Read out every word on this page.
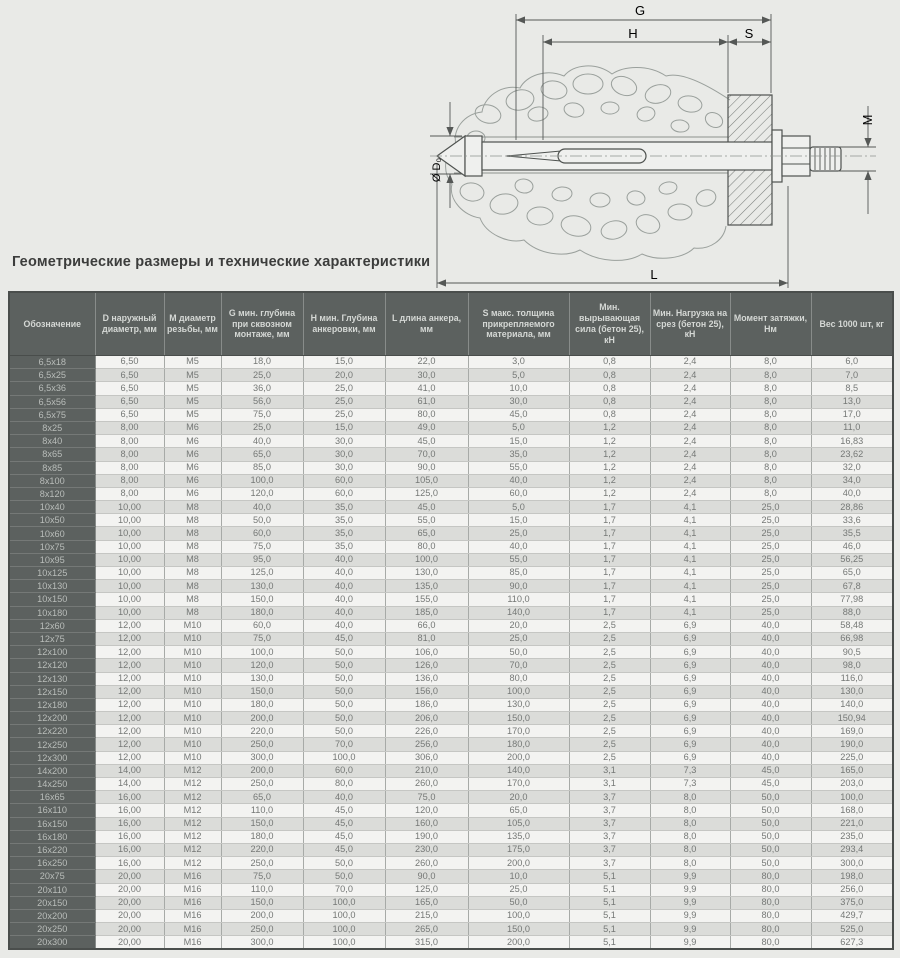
G
H	S
M
Ø D₀
L
Геометрические размеры и технические характеристики
Обозначение	D наружный диаметр, мм	М диаметр резьбы, мм	G мин. глубина при сквозном монтаже, мм	Н мин. Глубина анкеровки, мм	L длина анкера, мм	S макс. толщина прикрепляемого материала, мм	Мин. вырывающая сила (бетон 25), кН	Мин. Нагрузка на срез (бетон 25), кН	Момент затяжки, Нм	Вес 1000 шт, кг
6,5x18	6,50	M5	18,0	15,0	22,0	3,0	0,8	2,4	8,0	6,0
6,5x25	6,50	M5	25,0	20,0	30,0	5,0	0,8	2,4	8,0	7,0
6,5x36	6,50	M5	36,0	25,0	41,0	10,0	0,8	2,4	8,0	8,5
6,5x56	6,50	M5	56,0	25,0	61,0	30,0	0,8	2,4	8,0	13,0
6,5x75	6,50	M5	75,0	25,0	80,0	45,0	0,8	2,4	8,0	17,0
8x25	8,00	M6	25,0	15,0	49,0	5,0	1,2	2,4	8,0	11,0
8x40	8,00	M6	40,0	30,0	45,0	15,0	1,2	2,4	8,0	16,83
8x65	8,00	M6	65,0	30,0	70,0	35,0	1,2	2,4	8,0	23,62
8x85	8,00	M6	85,0	30,0	90,0	55,0	1,2	2,4	8,0	32,0
8x100	8,00	M6	100,0	60,0	105,0	40,0	1,2	2,4	8,0	34,0
8x120	8,00	M6	120,0	60,0	125,0	60,0	1,2	2,4	8,0	40,0
10x40	10,00	M8	40,0	35,0	45,0	5,0	1,7	4,1	25,0	28,86
10x50	10,00	M8	50,0	35,0	55,0	15,0	1,7	4,1	25,0	33,6
10x60	10,00	M8	60,0	35,0	65,0	25,0	1,7	4,1	25,0	35,5
10x75	10,00	M8	75,0	35,0	80,0	40,0	1,7	4,1	25,0	46,0
10x95	10,00	M8	95,0	40,0	100,0	55,0	1,7	4,1	25,0	56,25
10x125	10,00	M8	125,0	40,0	130,0	85,0	1,7	4,1	25,0	65,0
10x130	10,00	M8	130,0	40,0	135,0	90,0	1,7	4,1	25,0	67,8
10x150	10,00	M8	150,0	40,0	155,0	110,0	1,7	4,1	25,0	77,98
10x180	10,00	M8	180,0	40,0	185,0	140,0	1,7	4,1	25,0	88,0
12x60	12,00	M10	60,0	40,0	66,0	20,0	2,5	6,9	40,0	58,48
12x75	12,00	M10	75,0	45,0	81,0	25,0	2,5	6,9	40,0	66,98
12x100	12,00	M10	100,0	50,0	106,0	50,0	2,5	6,9	40,0	90,5
12x120	12,00	M10	120,0	50,0	126,0	70,0	2,5	6,9	40,0	98,0
12x130	12,00	M10	130,0	50,0	136,0	80,0	2,5	6,9	40,0	116,0
12x150	12,00	M10	150,0	50,0	156,0	100,0	2,5	6,9	40,0	130,0
12x180	12,00	M10	180,0	50,0	186,0	130,0	2,5	6,9	40,0	140,0
12x200	12,00	M10	200,0	50,0	206,0	150,0	2,5	6,9	40,0	150,94
12x220	12,00	M10	220,0	50,0	226,0	170,0	2,5	6,9	40,0	169,0
12x250	12,00	M10	250,0	70,0	256,0	180,0	2,5	6,9	40,0	190,0
12x300	12,00	M10	300,0	100,0	306,0	200,0	2,5	6,9	40,0	225,0
14x200	14,00	M12	200,0	60,0	210,0	140,0	3,1	7,3	45,0	165,0
14x250	14,00	M12	250,0	80,0	260,0	170,0	3,1	7,3	45,0	203,0
16x65	16,00	M12	65,0	40,0	75,0	20,0	3,7	8,0	50,0	100,0
16x110	16,00	M12	110,0	45,0	120,0	65,0	3,7	8,0	50,0	168,0
16x150	16,00	M12	150,0	45,0	160,0	105,0	3,7	8,0	50,0	221,0
16x180	16,00	M12	180,0	45,0	190,0	135,0	3,7	8,0	50,0	235,0
16x220	16,00	M12	220,0	45,0	230,0	175,0	3,7	8,0	50,0	293,4
16x250	16,00	M12	250,0	50,0	260,0	200,0	3,7	8,0	50,0	300,0
20x75	20,00	M16	75,0	50,0	90,0	10,0	5,1	9,9	80,0	198,0
20x110	20,00	M16	110,0	70,0	125,0	25,0	5,1	9,9	80,0	256,0
20x150	20,00	M16	150,0	100,0	165,0	50,0	5,1	9,9	80,0	375,0
20x200	20,00	M16	200,0	100,0	215,0	100,0	5,1	9,9	80,0	429,7
20x250	20,00	M16	250,0	100,0	265,0	150,0	5,1	9,9	80,0	525,0
20x300	20,00	M16	300,0	100,0	315,0	200,0	5,1	9,9	80,0	627,3
